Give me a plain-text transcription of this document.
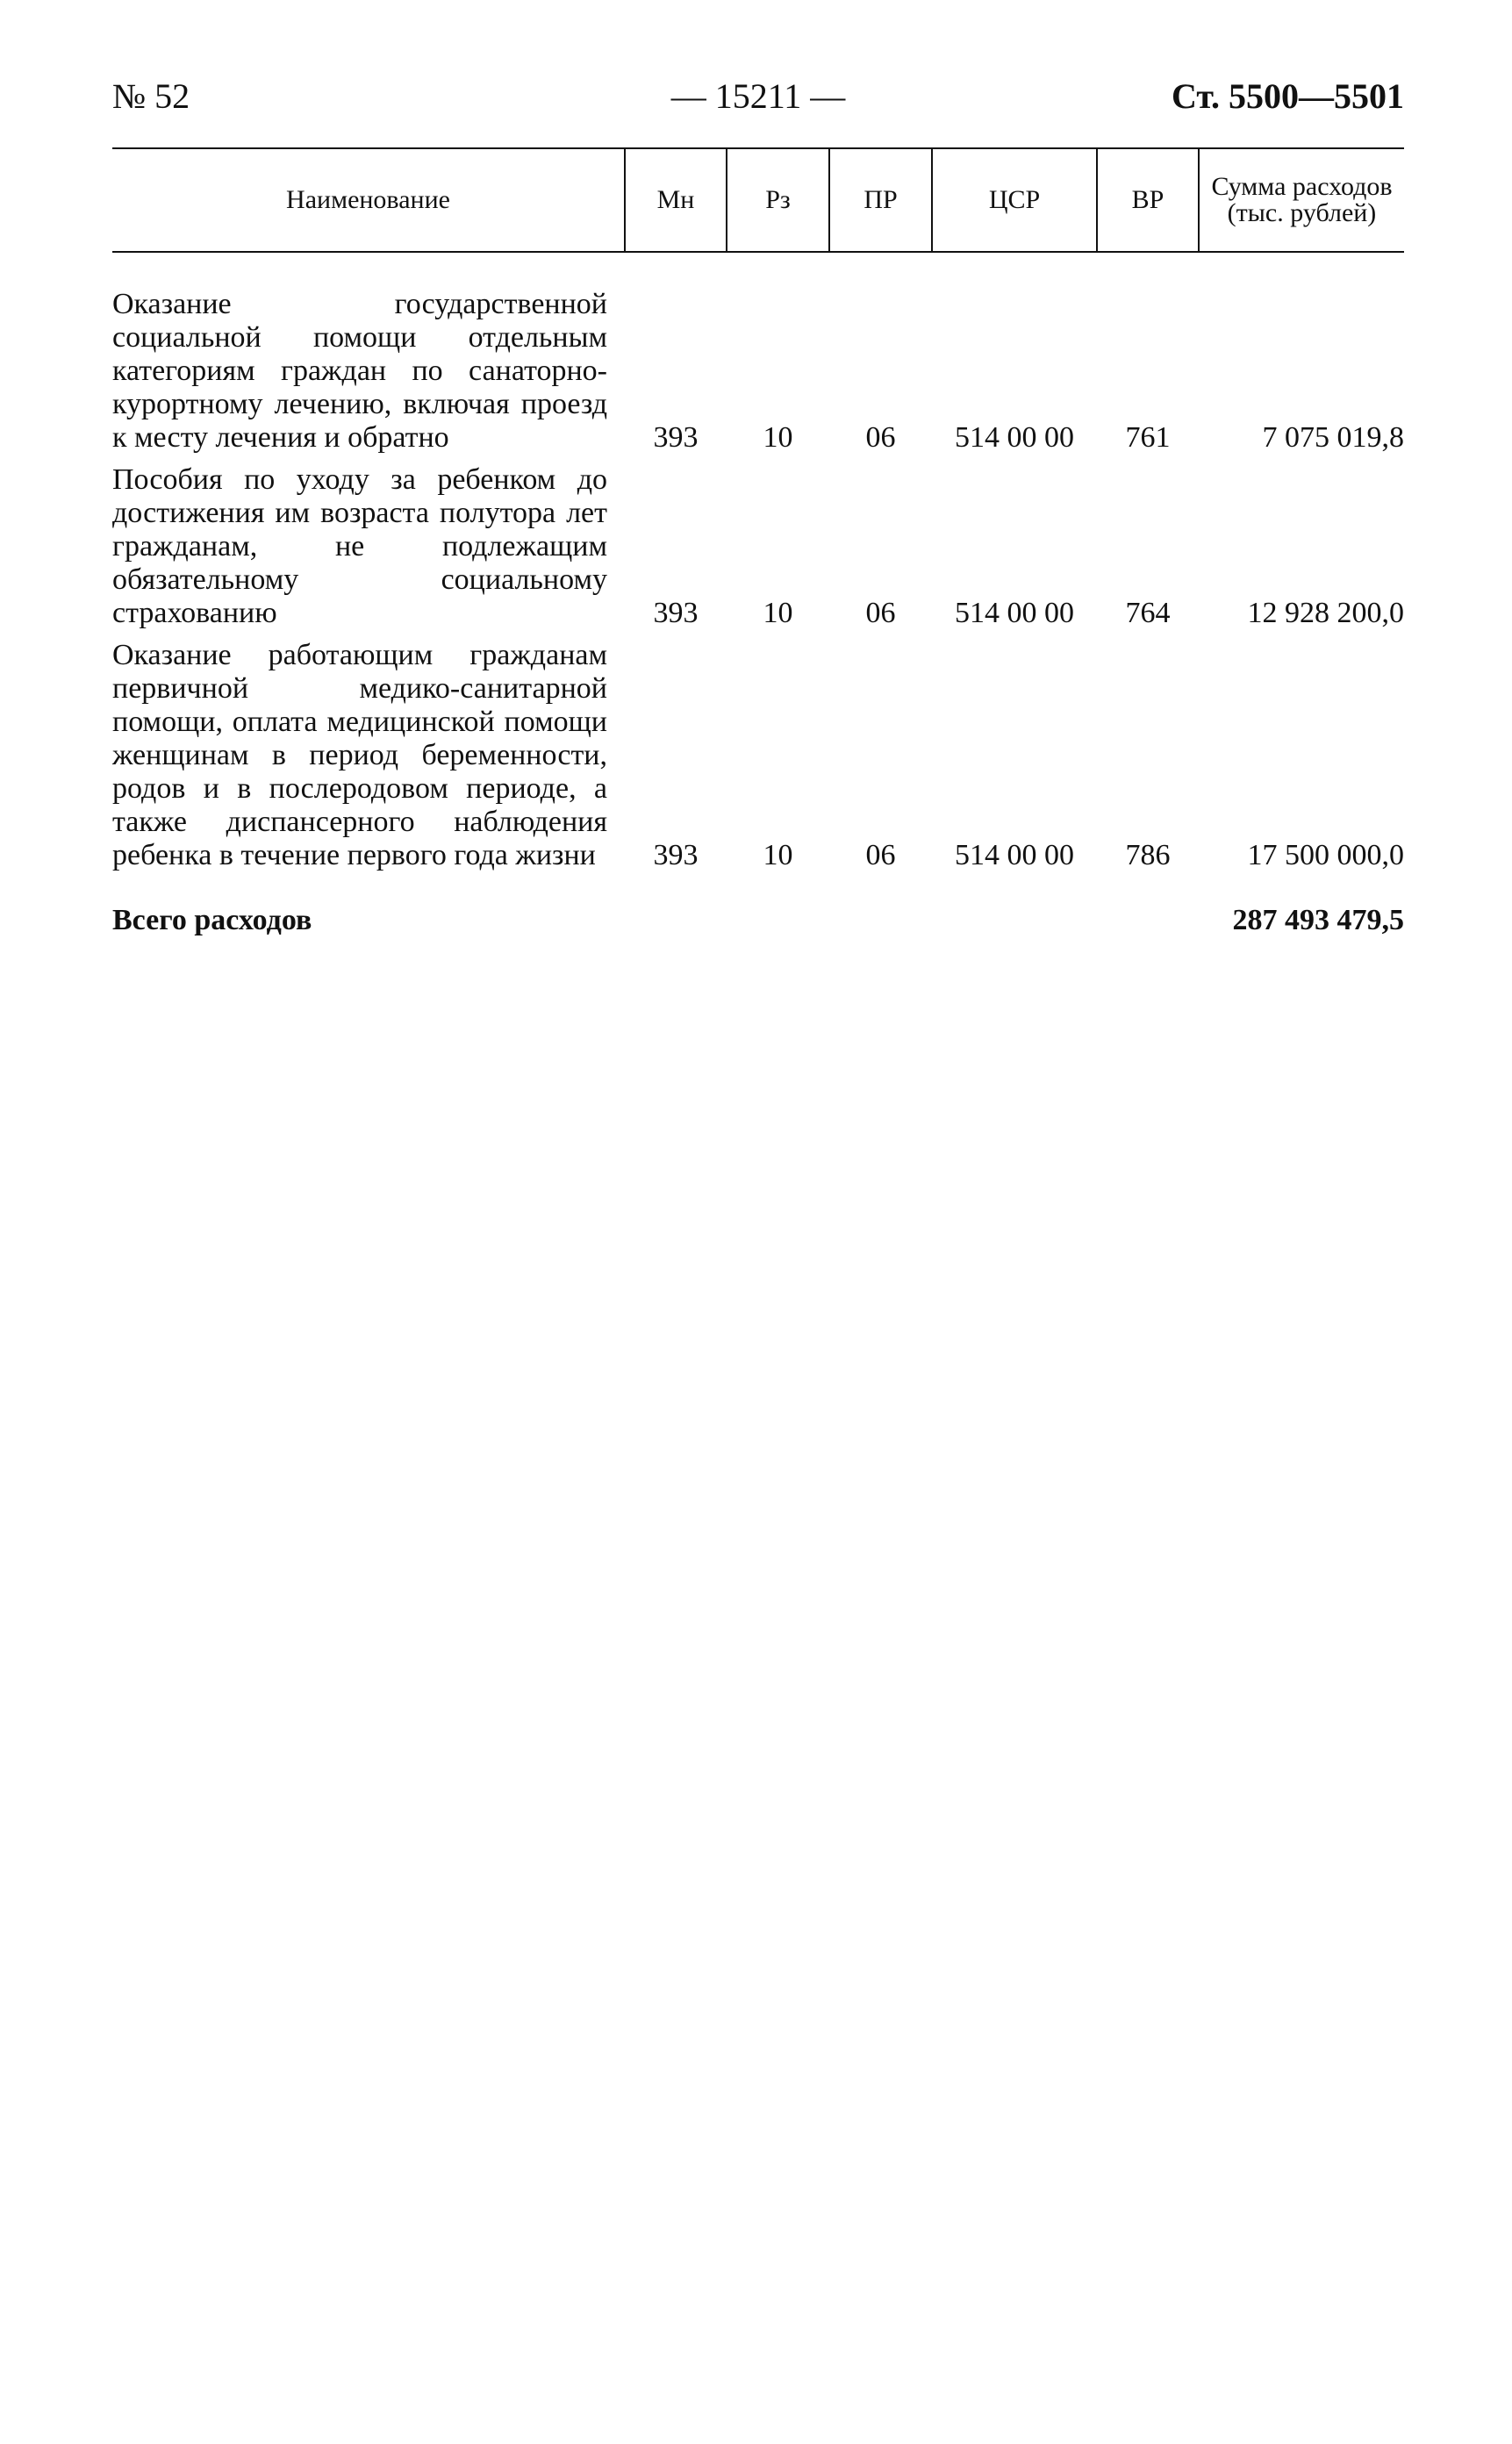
№ 52	— 15211 —	Ст. 5500—5501
Наименование	Мн	Рз	ПР	ЦСР	ВР	Сумма расходов (тыс. рублей)
Оказание государственной социальной помощи отдельным категориям граждан по санаторно-курортному лечению, включая проезд к месту лечения и обратно	393	10	06	514 00 00	761	7 075 019,8
Пособия по уходу за ребенком до достижения им возраста полутора лет гражданам, не подлежащим обязательному социальному страхованию	393	10	06	514 00 00	764	12 928 200,0
Оказание работающим гражданам первичной медико-санитарной помощи, оплата медицинской помощи женщинам в период беременности, родов и в послеродовом периоде, а также диспансерного наблюдения ребенка в течение первого года жизни	393	10	06	514 00 00	786	17 500 000,0
Всего расходов					287 493 479,5	
